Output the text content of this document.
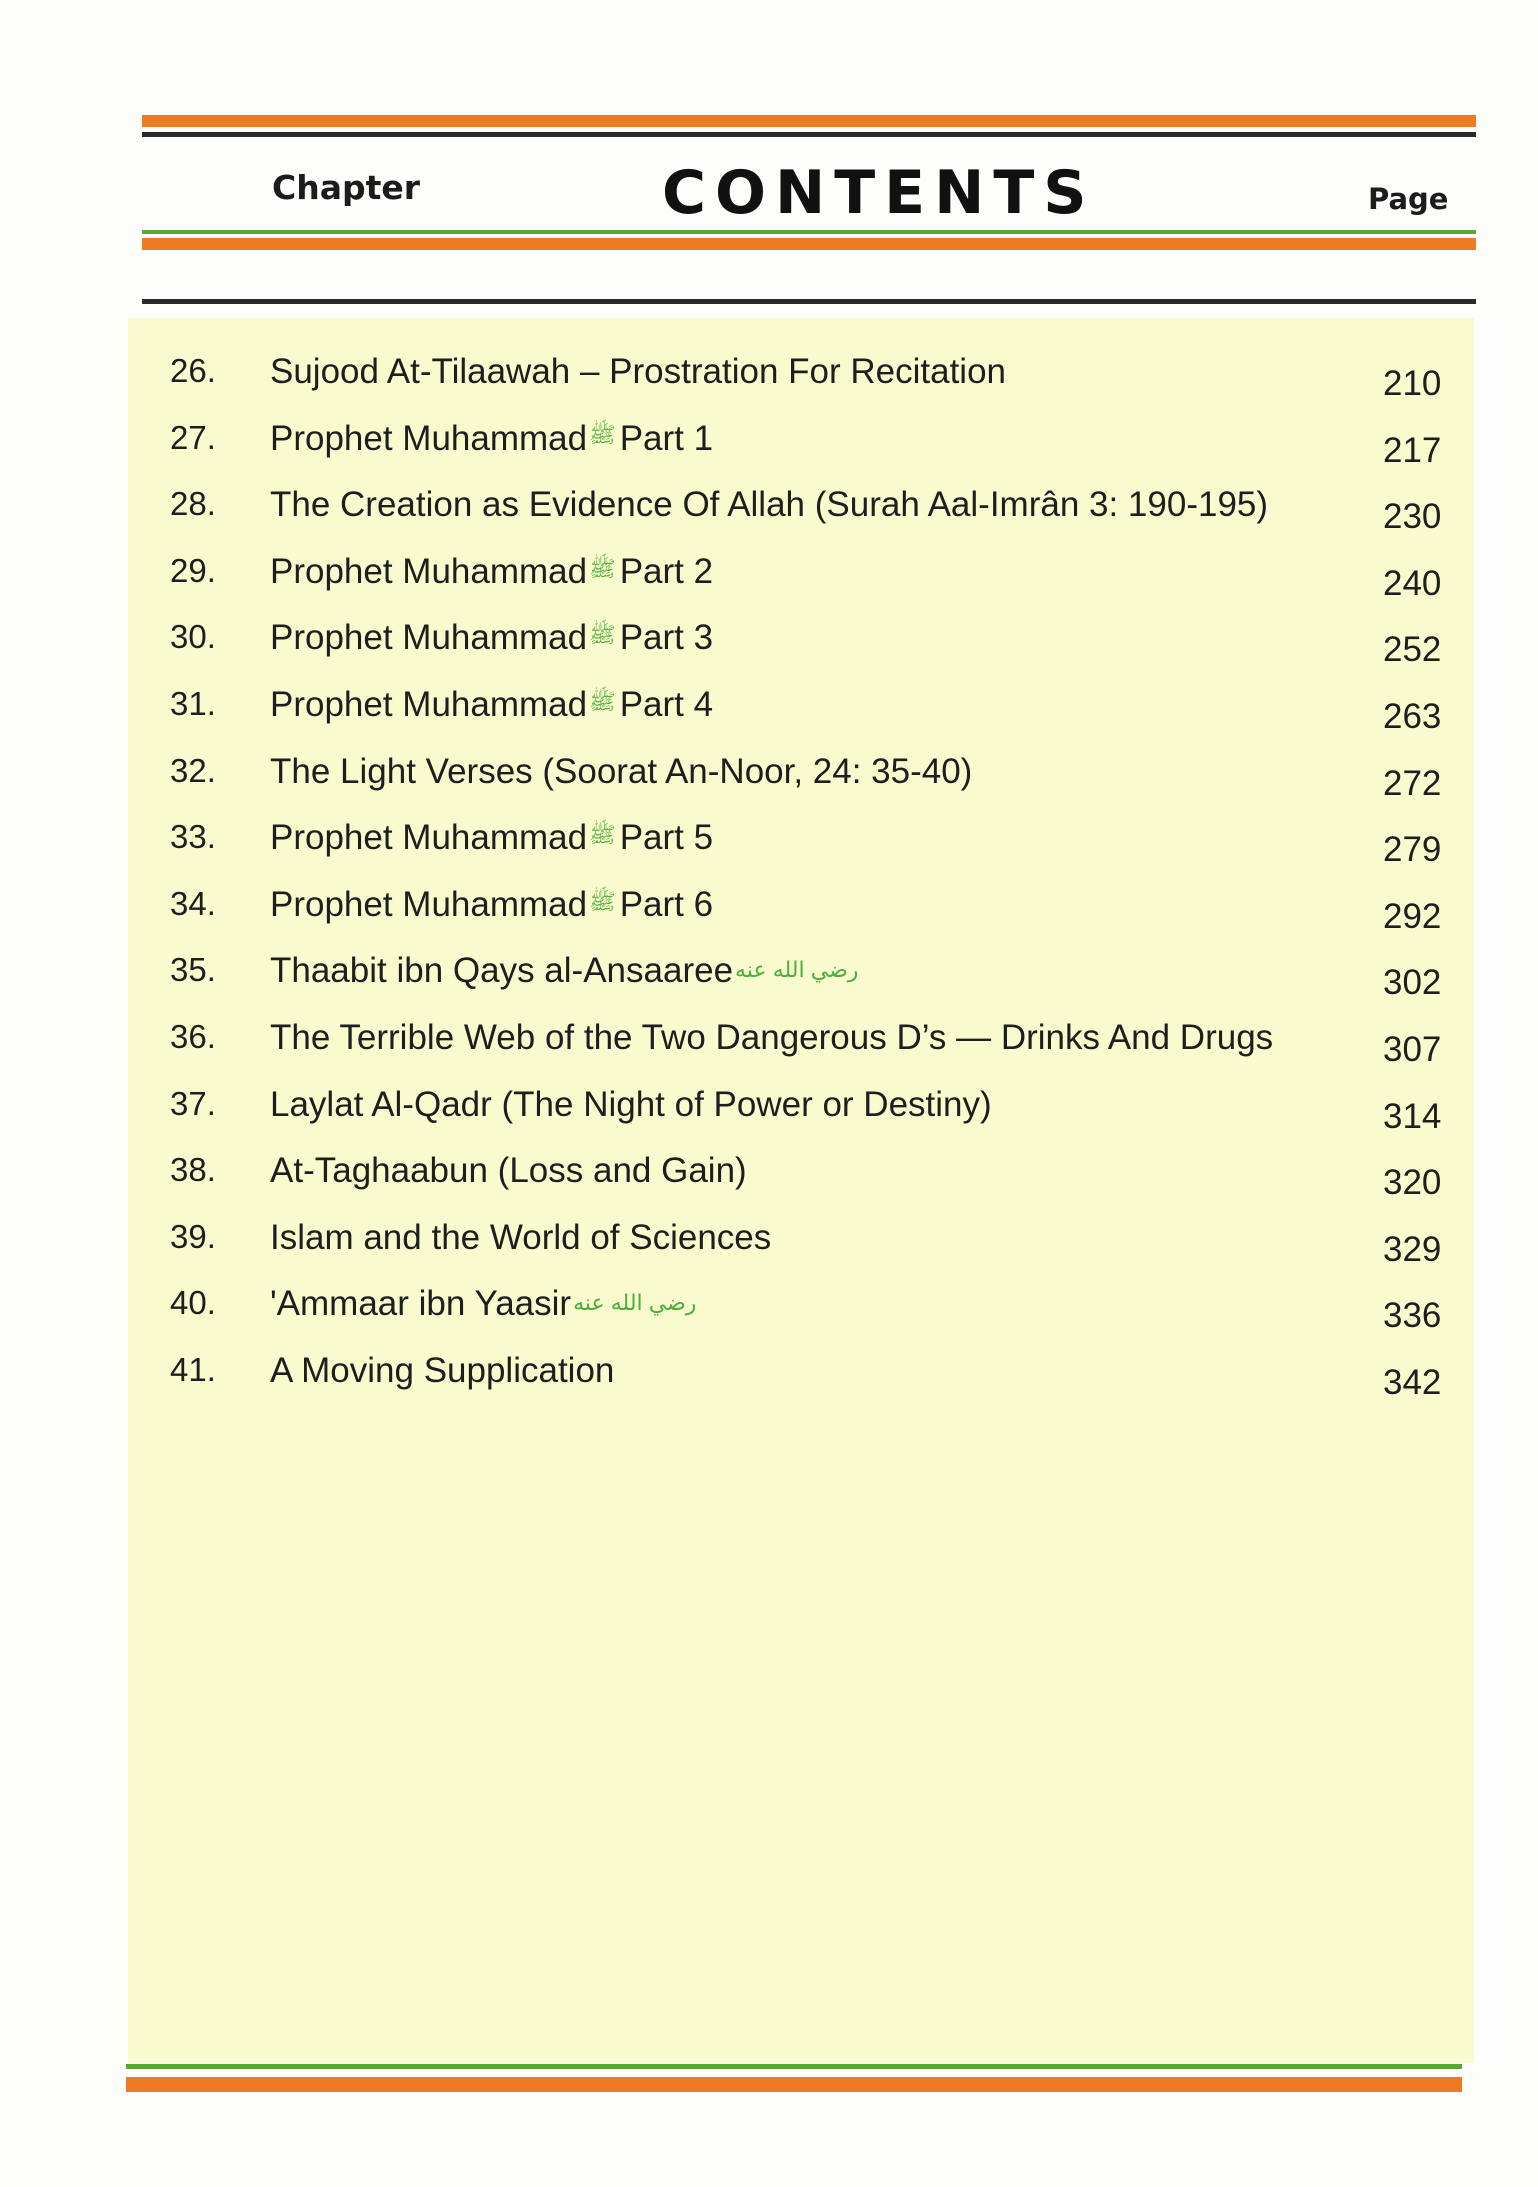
Chapter	CONTENTS	Page
26. Sujood At-Tilaawah – Prostration For Recitation	210
27. Prophet Muhammadﷺ Part 1	217
28. The Creation as Evidence Of Allah (Surah Aal-Imrân 3: 190-195)	230
29. Prophet Muhammadﷺ Part 2	240
30. Prophet Muhammadﷺ Part 3	252
31. Prophet Muhammadﷺ Part 4	263
32. The Light Verses (Soorat An-Noor, 24: 35-40)	272
33. Prophet Muhammadﷺ Part 5	279
34. Prophet Muhammadﷺ Part 6	292
35. Thaabit ibn Qays al-Ansaareeرضي الله عنه	302
36. The Terrible Web of the Two Dangerous D’s — Drinks And Drugs	307
37. Laylat Al-Qadr (The Night of Power or Destiny)	314
38. At-Taghaabun (Loss and Gain)	320
39. Islam and the World of Sciences	329
40. 'Ammaar ibn Yaasirرضي الله عنه	336
41. A Moving Supplication	342
